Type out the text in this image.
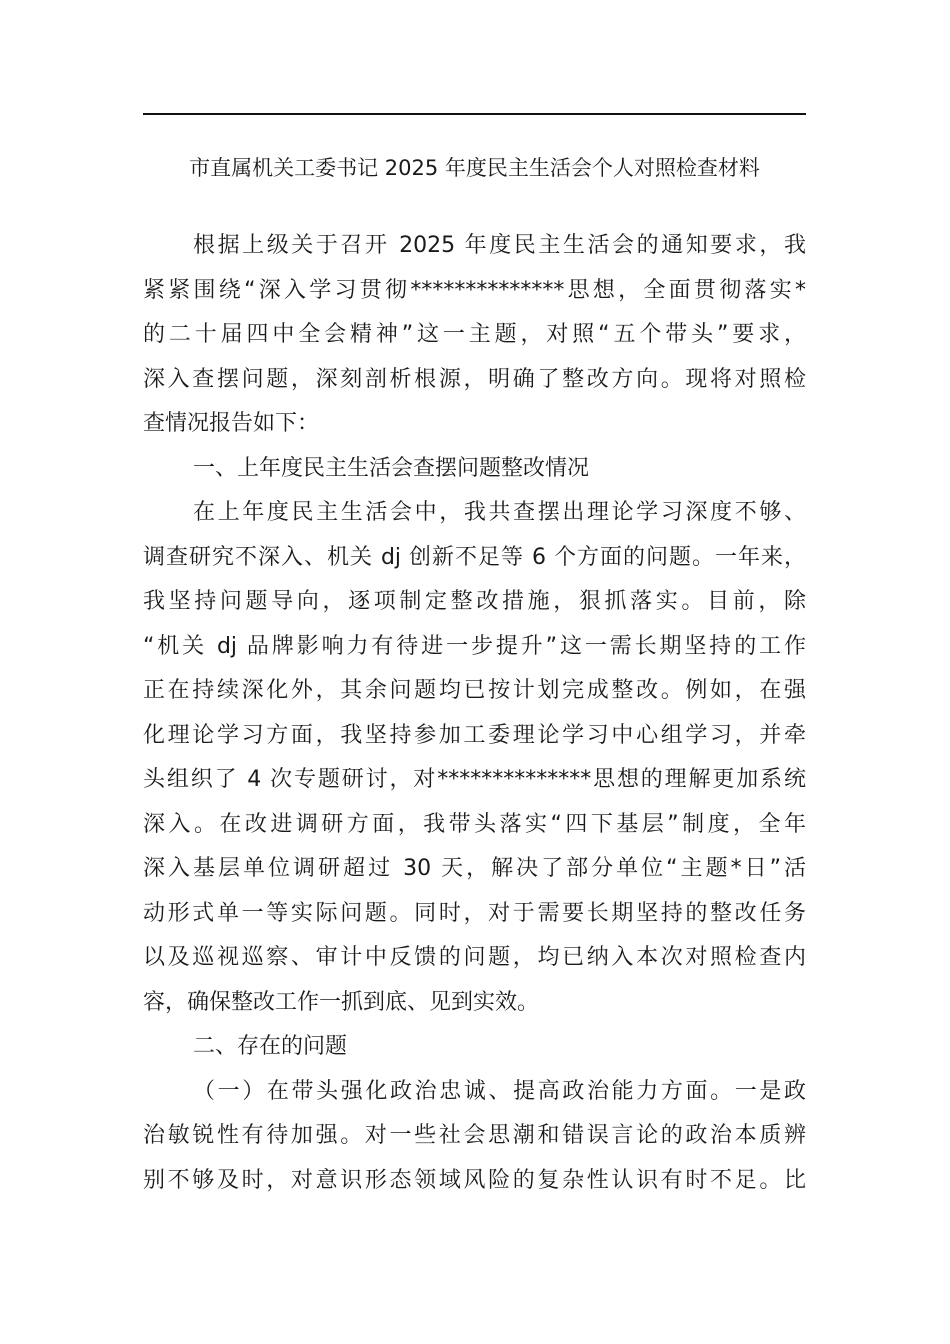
市直属机关工委书记 2025 年度民主生活会个人对照检查材料
根据上级关于召开 2025 年度民主生活会的通知要求，我
紧紧围绕“深入学习贯彻**************思想，全面贯彻落实*
的二十届四中全会精神”这一主题，对照“五个带头”要求，
深入查摆问题，深刻剖析根源，明确了整改方向。现将对照检
查情况报告如下：
一、上年度民主生活会查摆问题整改情况
在上年度民主生活会中，我共查摆出理论学习深度不够、
调查研究不深入、机关 dj 创新不足等 6 个方面的问题。一年来，
我坚持问题导向，逐项制定整改措施，狠抓落实。目前，除
“机关 dj 品牌影响力有待进一步提升”这一需长期坚持的工作
正在持续深化外，其余问题均已按计划完成整改。例如，在强
化理论学习方面，我坚持参加工委理论学习中心组学习，并牵
头组织了 4 次专题研讨，对**************思想的理解更加系统
深入。在改进调研方面，我带头落实“四下基层”制度，全年
深入基层单位调研超过 30 天，解决了部分单位“主题*日”活
动形式单一等实际问题。同时，对于需要长期坚持的整改任务
以及巡视巡察、审计中反馈的问题，均已纳入本次对照检查内
容，确保整改工作一抓到底、见到实效。
二、存在的问题
（一）在带头强化政治忠诚、提高政治能力方面。一是政
治敏锐性有待加强。对一些社会思潮和错误言论的政治本质辨
别不够及时，对意识形态领域风险的复杂性认识有时不足。比
